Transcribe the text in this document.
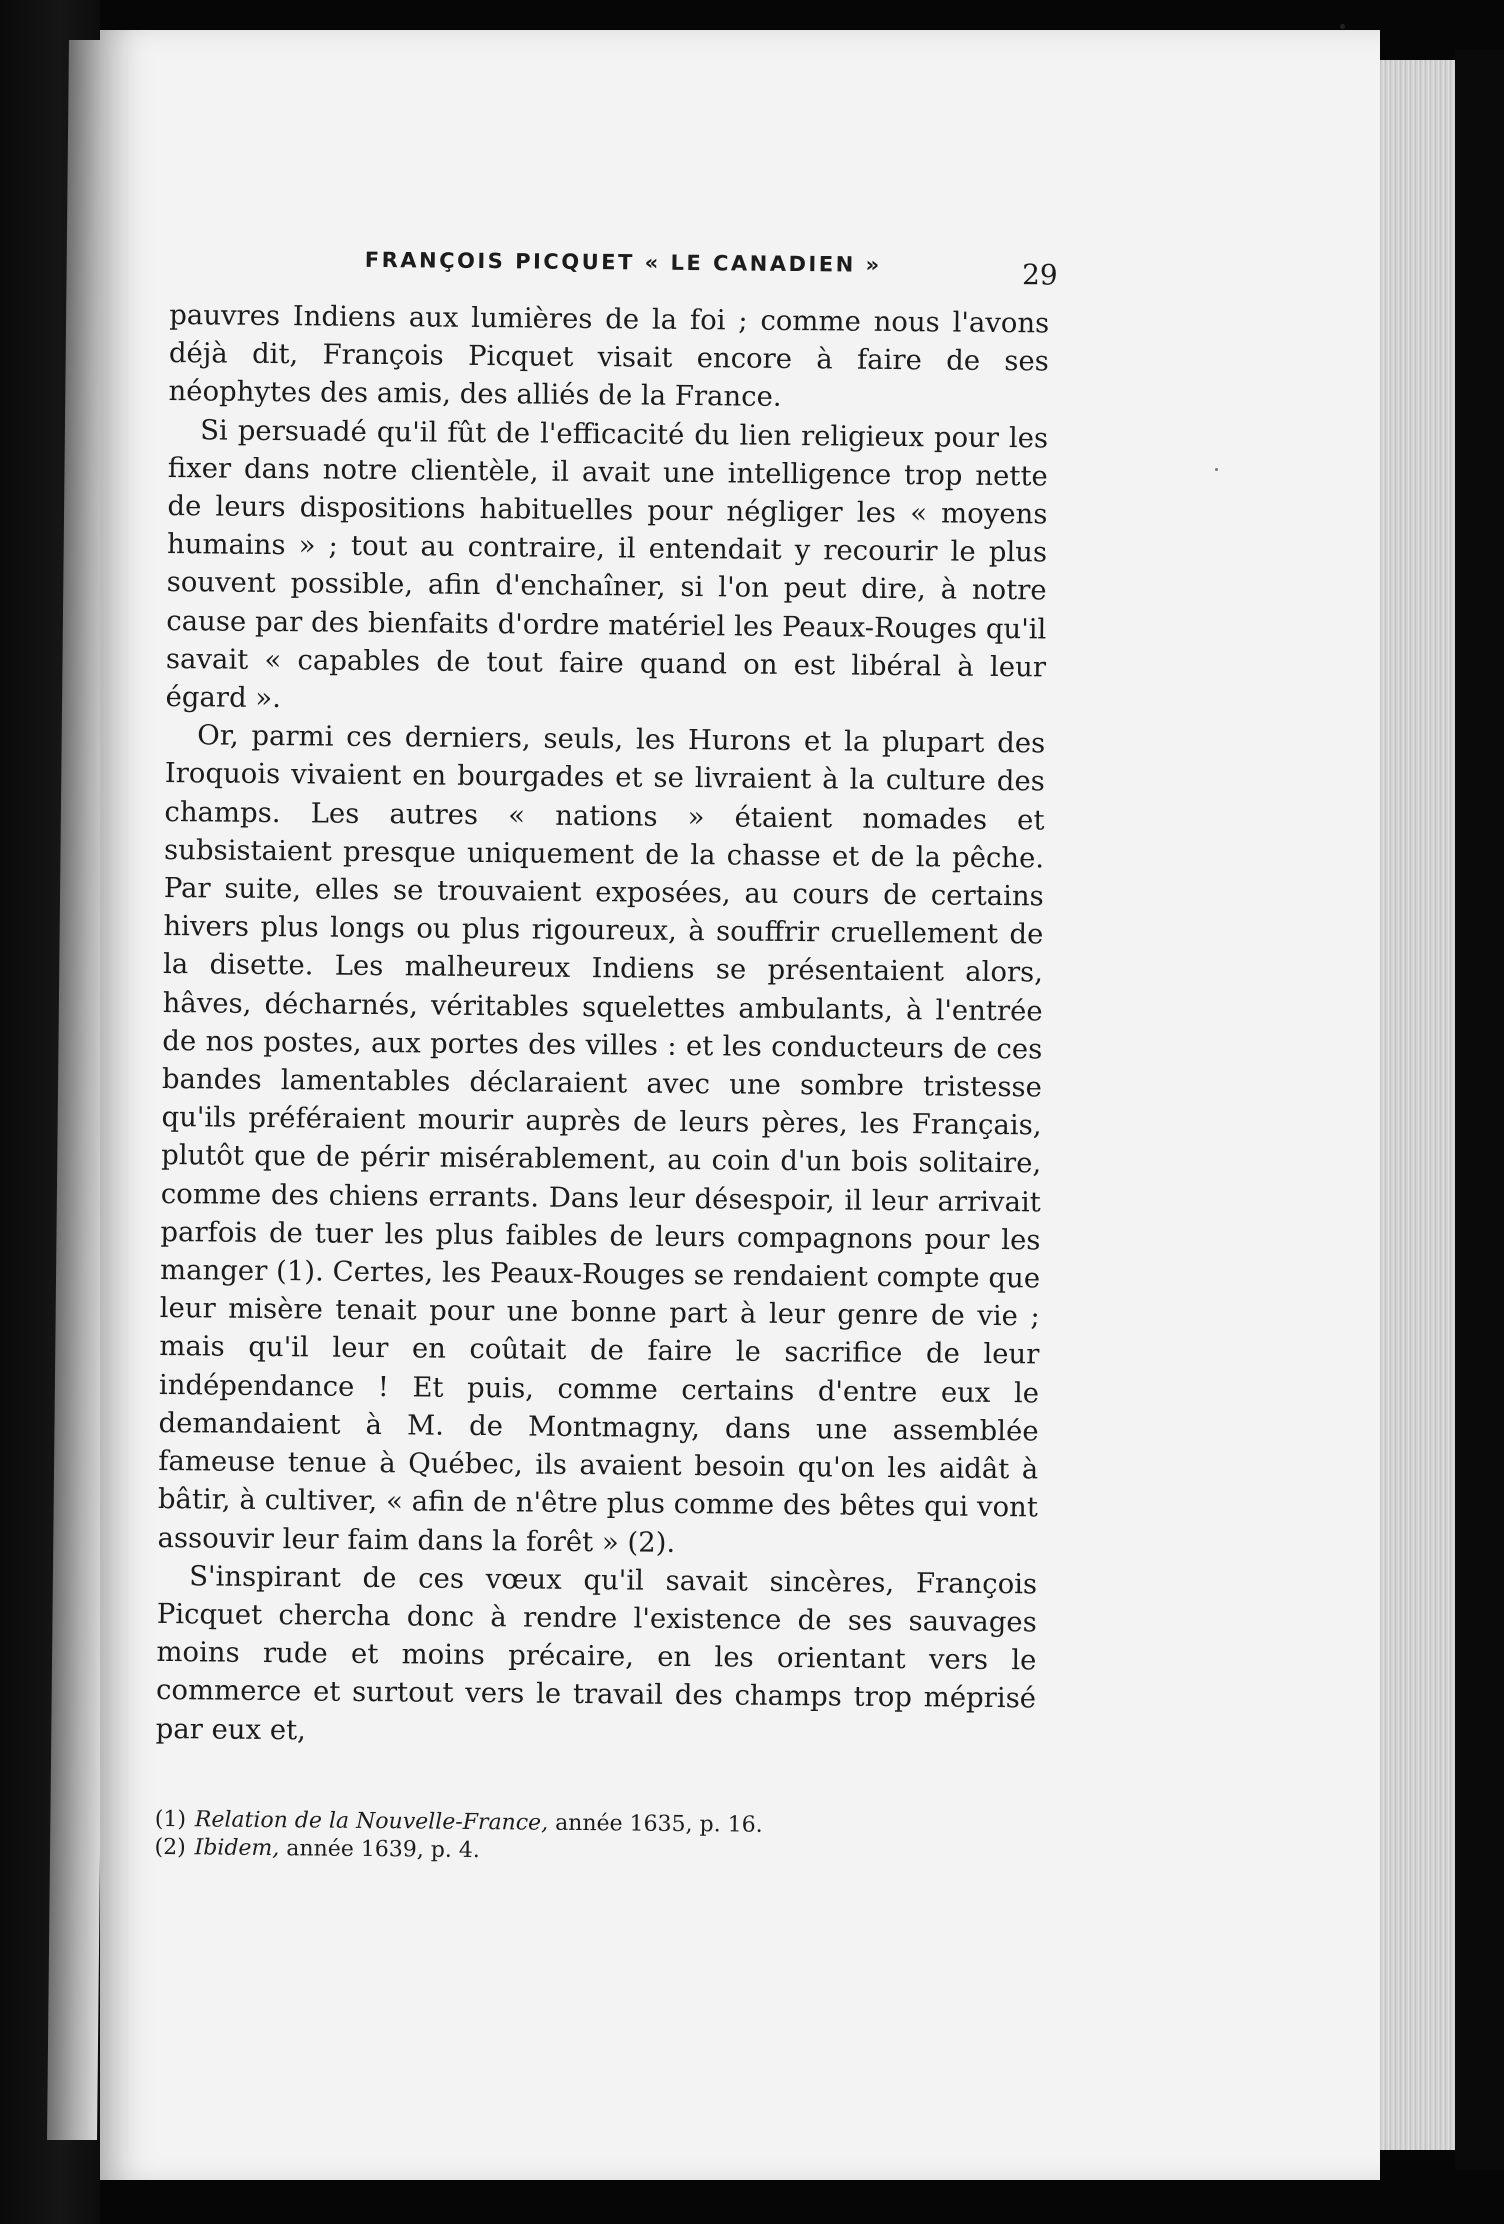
FRANÇOIS PICQUET « LE CANADIEN »	29

pauvres Indiens aux lumières de la foi ; comme nous l'avons déjà dit, François Picquet visait encore à faire de ses néophytes des amis, des alliés de la France.

Si persuadé qu'il fût de l'efficacité du lien religieux pour les fixer dans notre clientèle, il avait une intelligence trop nette de leurs dispositions habituelles pour négliger les « moyens humains » ; tout au contraire, il entendait y recourir le plus souvent possible, afin d'enchaîner, si l'on peut dire, à notre cause par des bienfaits d'ordre matériel les Peaux-Rouges qu'il savait « capables de tout faire quand on est libéral à leur égard ».

Or, parmi ces derniers, seuls, les Hurons et la plupart des Iroquois vivaient en bourgades et se livraient à la culture des champs. Les autres « nations » étaient nomades et subsistaient presque uniquement de la chasse et de la pêche. Par suite, elles se trouvaient exposées, au cours de certains hivers plus longs ou plus rigoureux, à souffrir cruellement de la disette. Les malheureux Indiens se présentaient alors, hâves, décharnés, véritables squelettes ambulants, à l'entrée de nos postes, aux portes des villes : et les conducteurs de ces bandes lamentables déclaraient avec une sombre tristesse qu'ils préféraient mourir auprès de leurs pères, les Français, plutôt que de périr misérablement, au coin d'un bois solitaire, comme des chiens errants. Dans leur désespoir, il leur arrivait parfois de tuer les plus faibles de leurs compagnons pour les manger (1). Certes, les Peaux-Rouges se rendaient compte que leur misère tenait pour une bonne part à leur genre de vie ; mais qu'il leur en coûtait de faire le sacrifice de leur indépendance ! Et puis, comme certains d'entre eux le demandaient à M. de Montmagny, dans une assemblée fameuse tenue à Québec, ils avaient besoin qu'on les aidât à bâtir, à cultiver, « afin de n'être plus comme des bêtes qui vont assouvir leur faim dans la forêt » (2).

S'inspirant de ces vœux qu'il savait sincères, François Picquet chercha donc à rendre l'existence de ses sauvages moins rude et moins précaire, en les orientant vers le commerce et surtout vers le travail des champs trop méprisé par eux et,

(1) Relation de la Nouvelle-France, année 1635, p. 16.
(2) Ibidem, année 1639, p. 4.
